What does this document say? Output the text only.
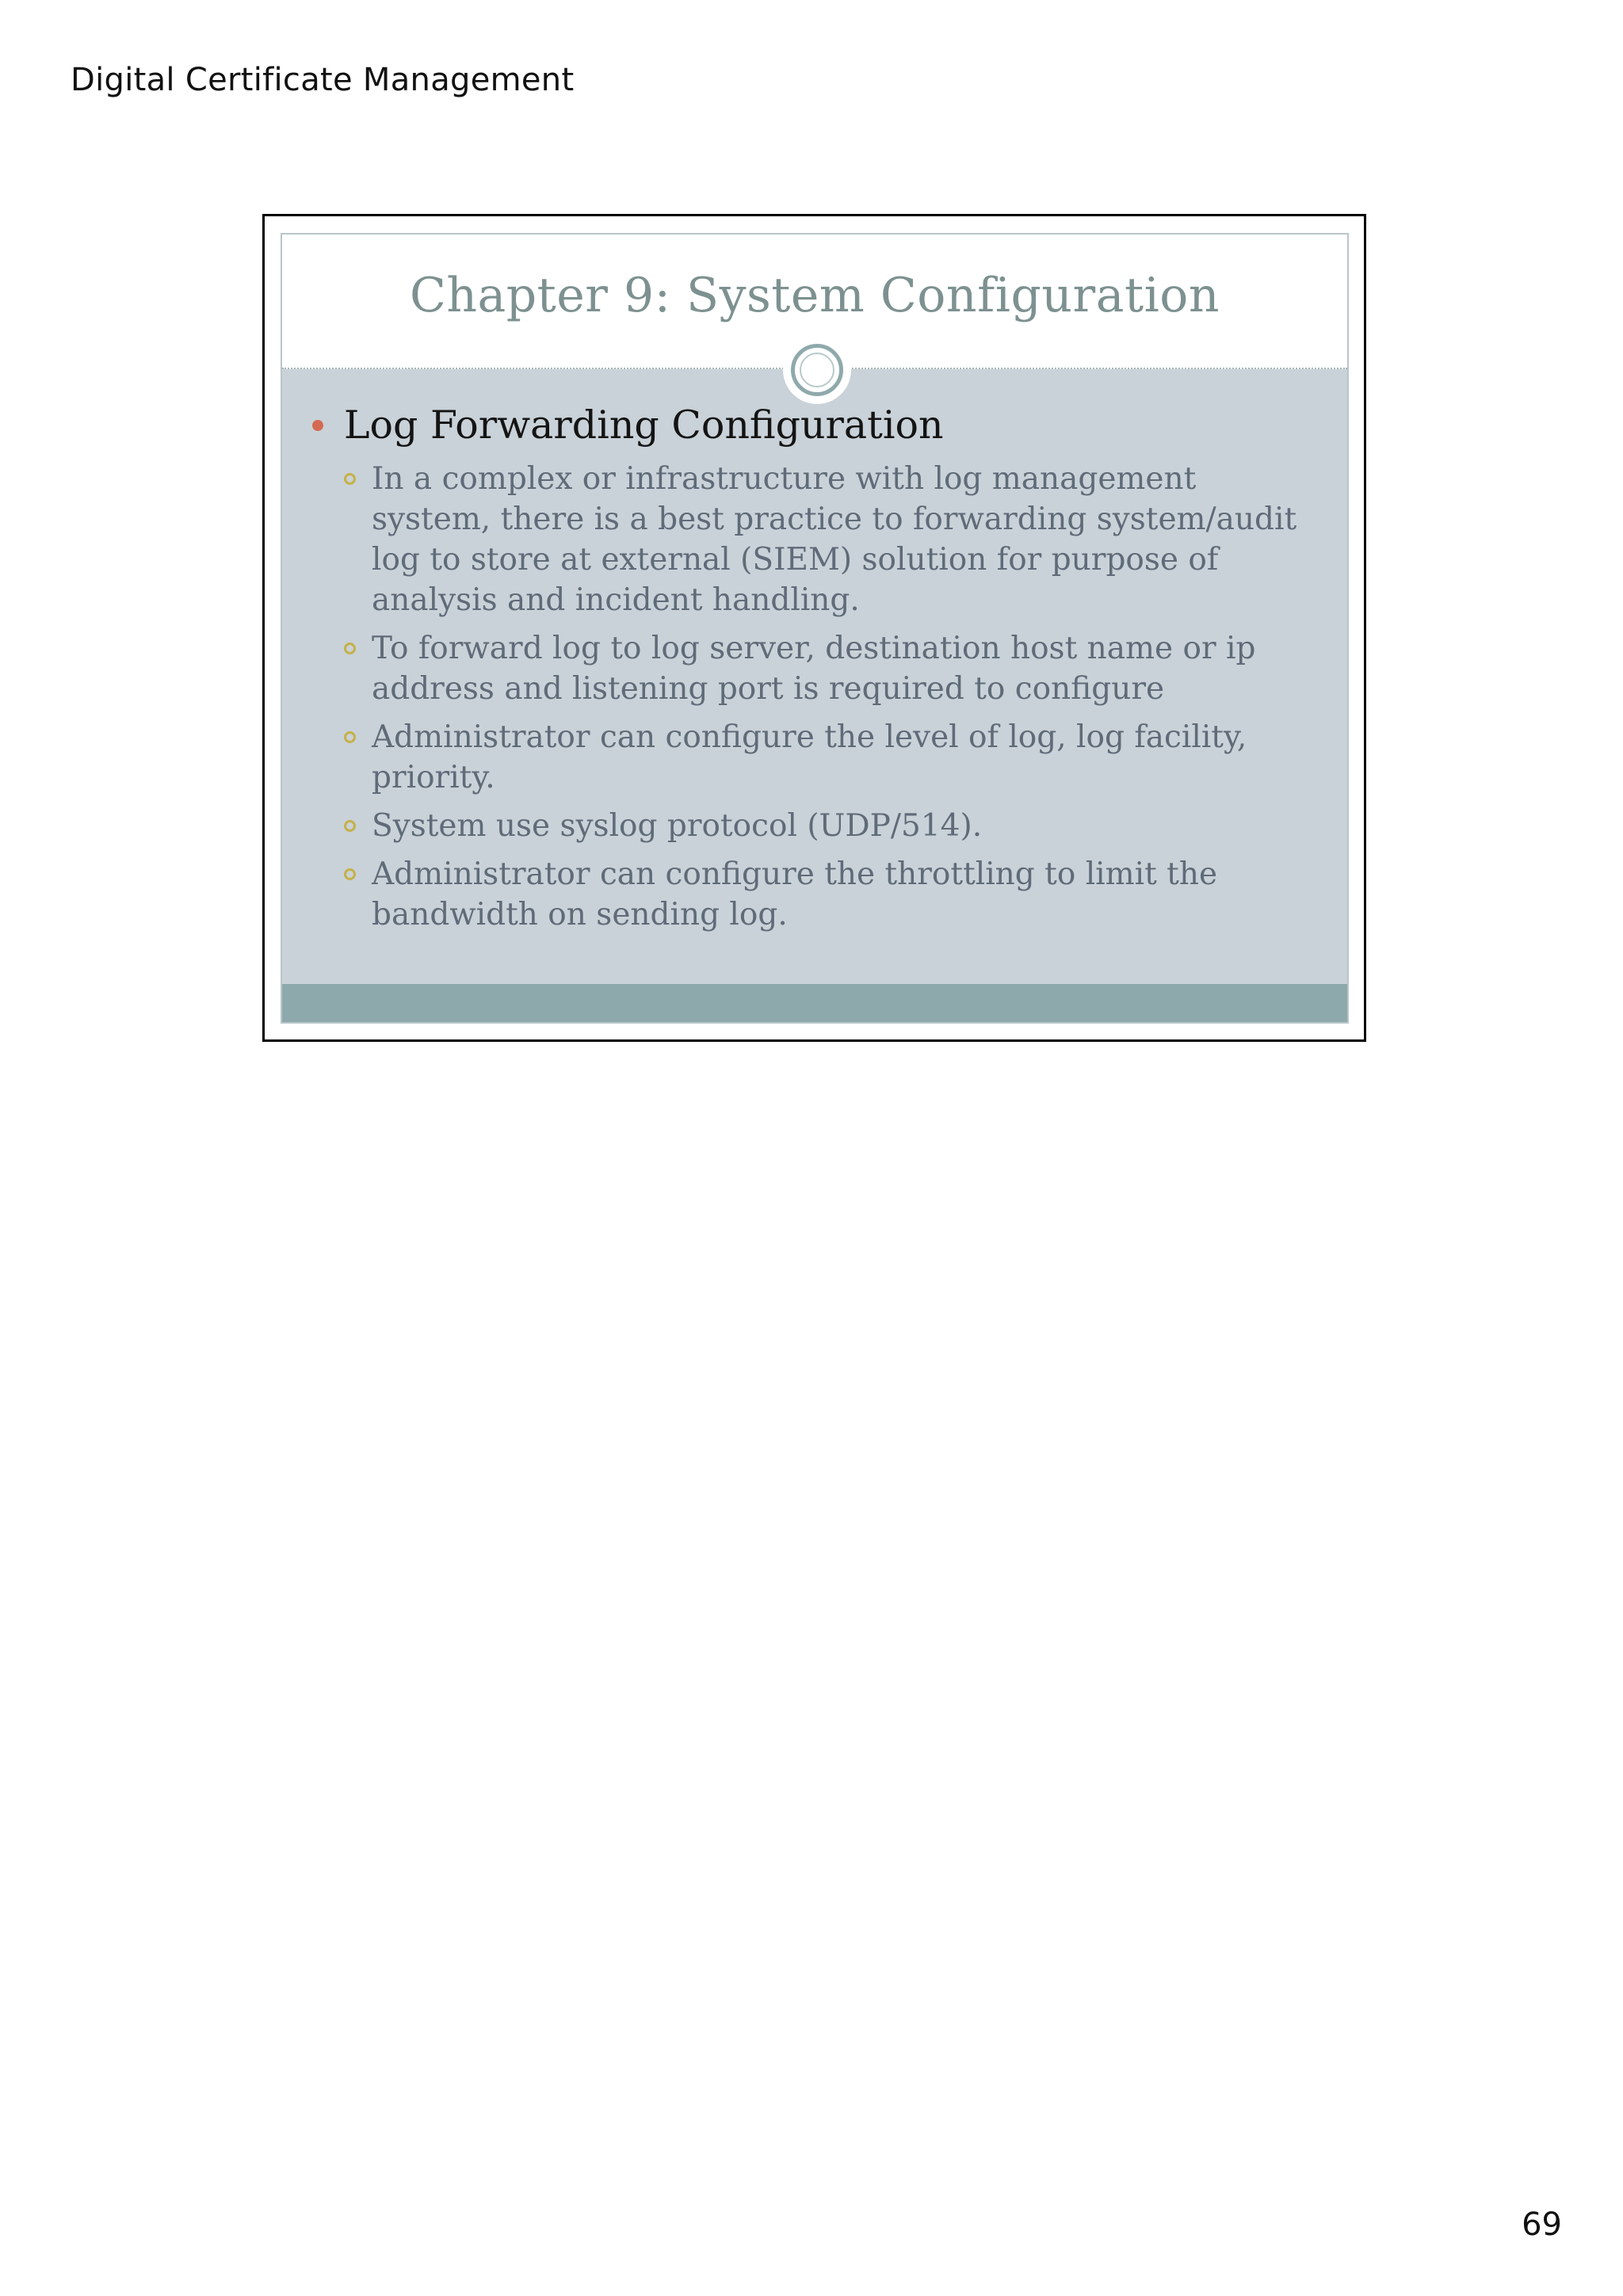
Digital Certificate Management
Chapter 9: System Configuration
Log Forwarding Configuration
In a complex or infrastructure with log management system, there is a best practice to forwarding system/audit log to store at external (SIEM) solution for purpose of analysis and incident handling.
To forward log to log server, destination host name or ip address and listening port is required to configure
Administrator can configure the level of log, log facility, priority.
System use syslog protocol (UDP/514).
Administrator can configure the throttling to limit the bandwidth on sending log.
69
